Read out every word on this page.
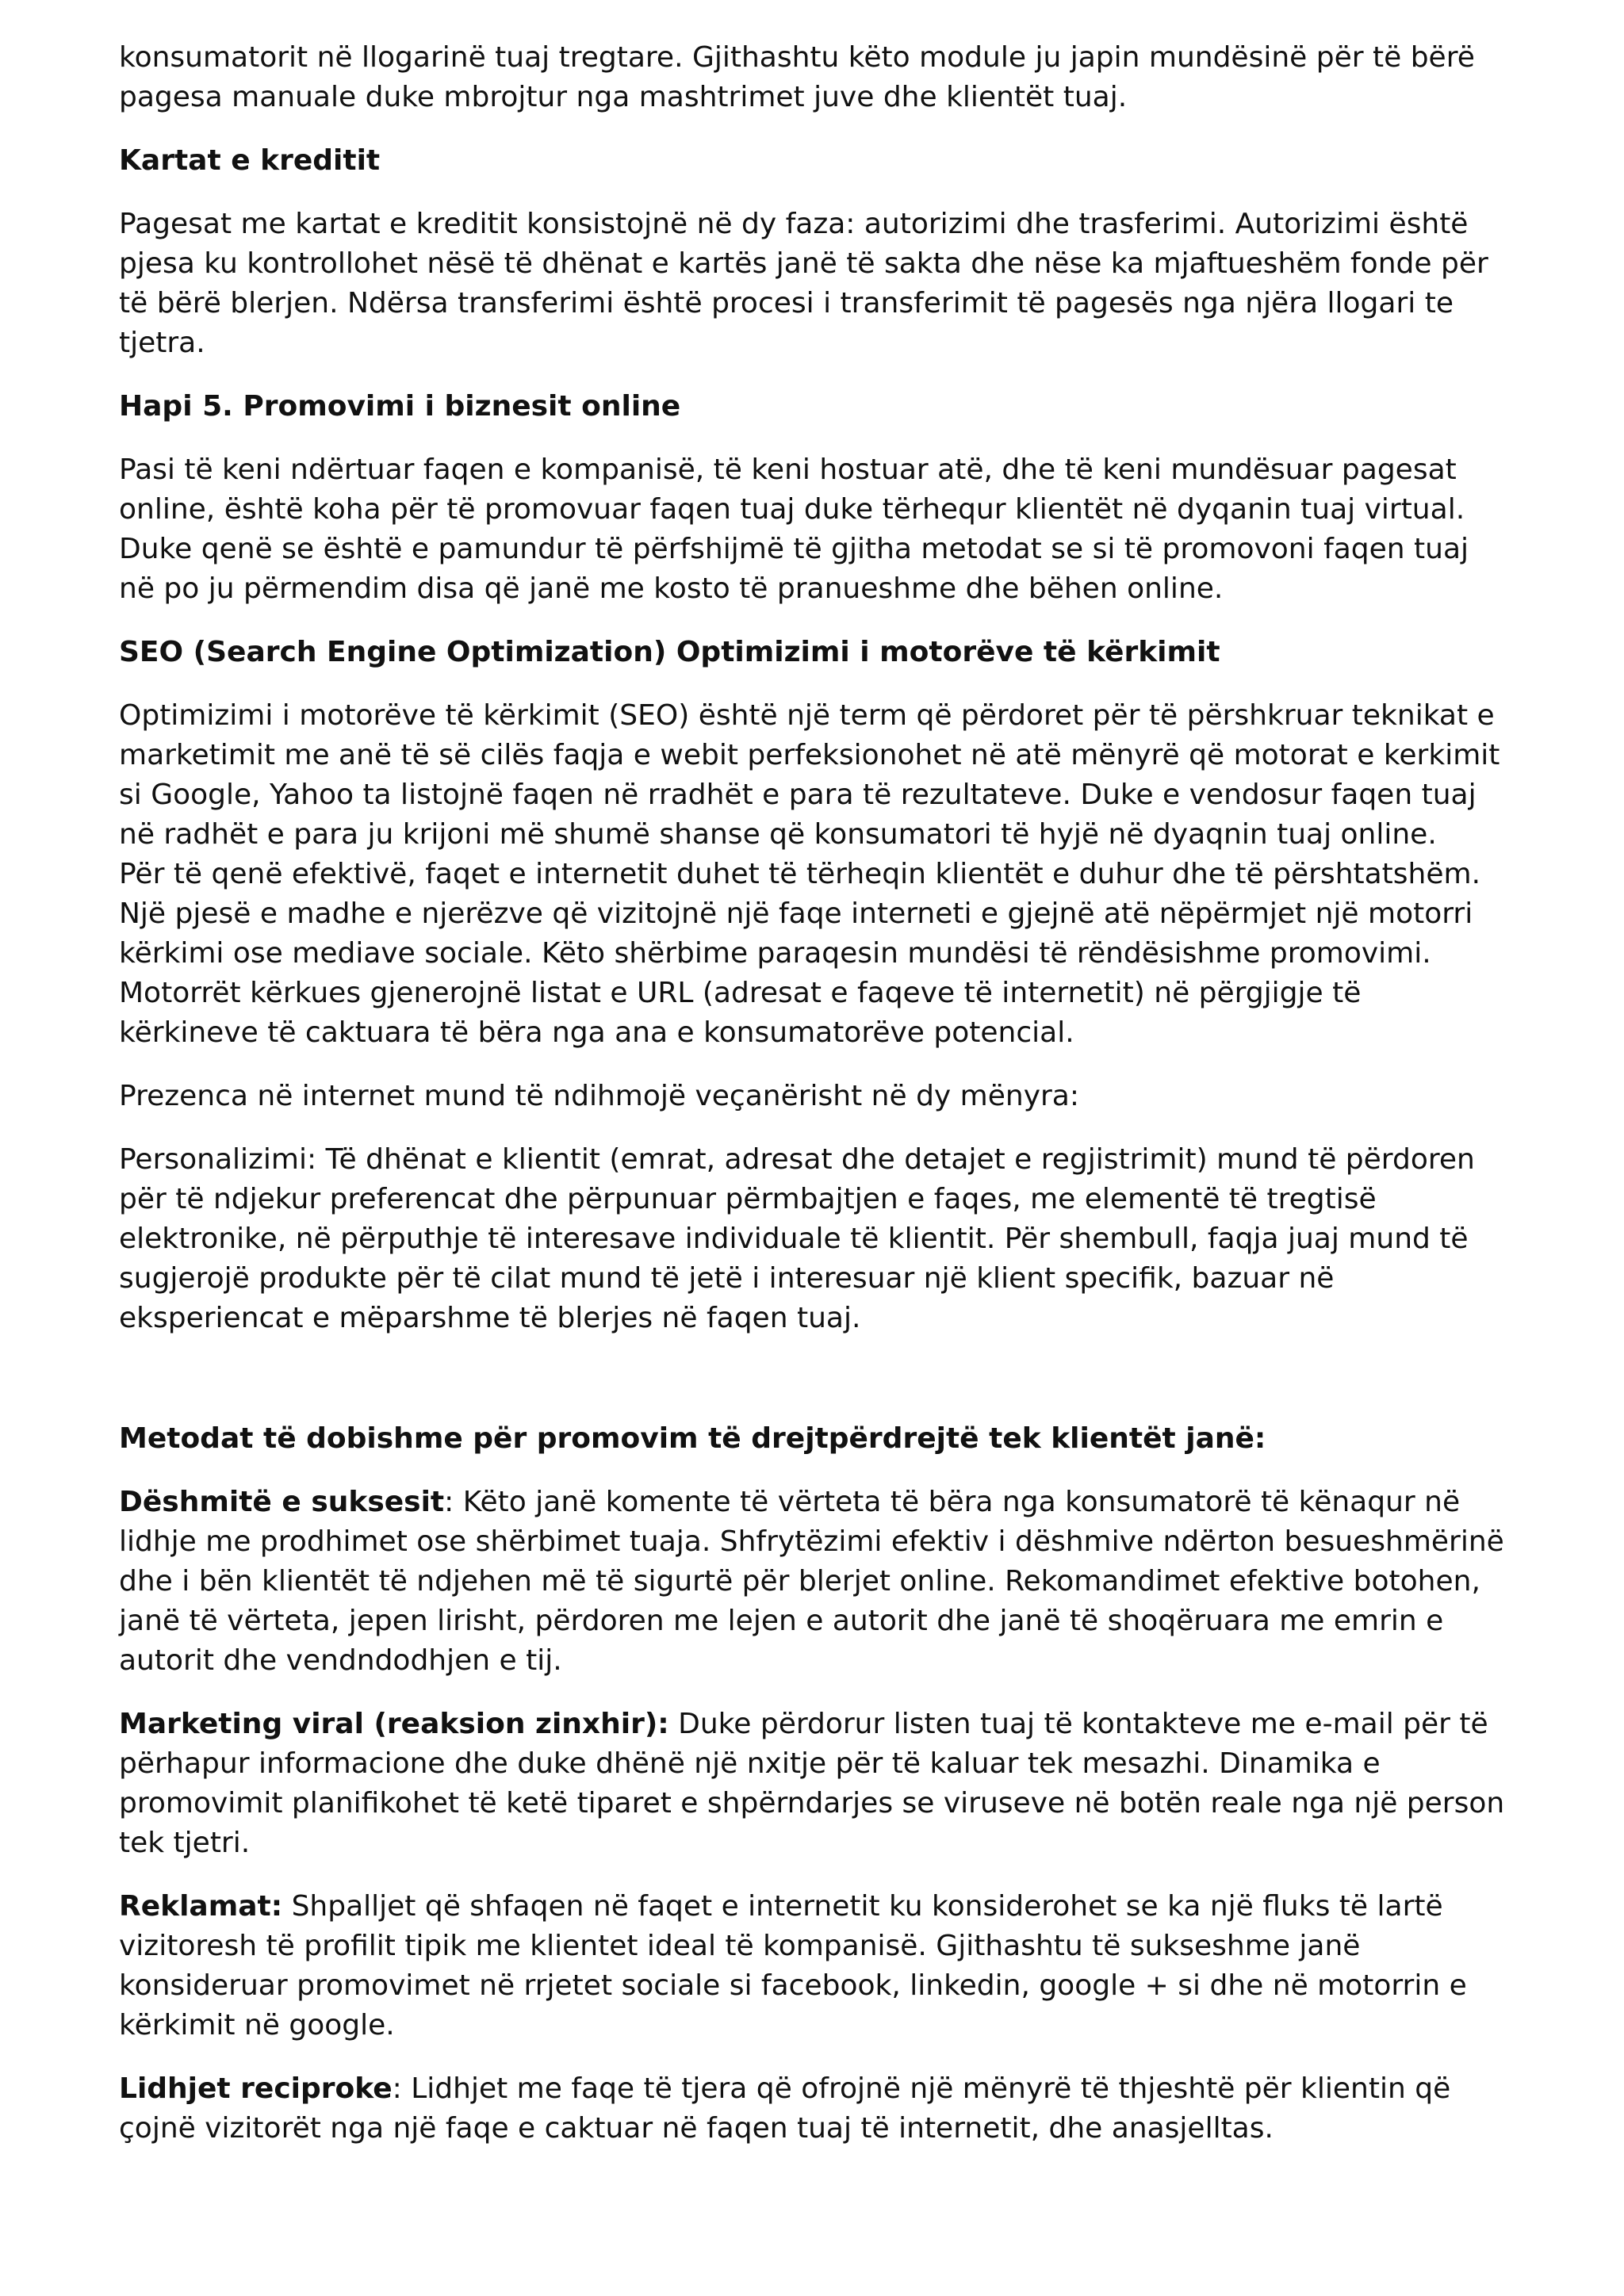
konsumatorit në llogarinë tuaj tregtare. Gjithashtu këto module ju japin mundësinë për të bërë pagesa manuale duke mbrojtur nga mashtrimet juve dhe klientët tuaj.

Kartat e kreditit

Pagesat me kartat e kreditit konsistojnë në dy faza: autorizimi dhe trasferimi. Autorizimi është pjesa ku kontrollohet nësë të dhënat e kartës janë të sakta dhe nëse ka mjaftueshëm fonde për të bërë blerjen. Ndërsa transferimi është procesi i transferimit të pagesës nga njëra llogari te tjetra.

Hapi 5. Promovimi i biznesit online

Pasi të keni ndërtuar faqen e kompanisë, të keni hostuar atë, dhe të keni mundësuar pagesat online, është koha për të promovuar faqen tuaj duke tërhequr klientët në dyqanin tuaj virtual.

Duke qenë se është e pamundur të përfshijmë të gjitha metodat se si të promovoni faqen tuaj në po ju përmendim disa që janë me kosto të pranueshme dhe bëhen online.

SEO (Search Engine Optimization) Optimizimi i motorëve të kërkimit

Optimizimi i motorëve të kërkimit (SEO) është një term që përdoret për të përshkruar teknikat e marketimit me anë të së cilës faqja e webit perfeksionohet në atë mënyrë që motorat e kerkimit si Google, Yahoo ta listojnë faqen në rradhët e para të rezultateve. Duke e vendosur faqen tuaj në radhët e para ju krijoni më shumë shanse që konsumatori të hyjë në dyaqnin tuaj online.

Për të qenë efektivë, faqet e internetit duhet të tërheqin klientët e duhur dhe të përshtatshëm. Një pjesë e madhe e njerëzve që vizitojnë një faqe interneti e gjejnë atë nëpërmjet një motorri kërkimi ose mediave sociale. Këto shërbime paraqesin mundësi të rëndësishme promovimi. Motorrët kërkues gjenerojnë listat e URL (adresat e faqeve të internetit) në përgjigje të kërkineve të caktuara të bëra nga ana e konsumatorëve potencial.

Prezenca në internet mund të ndihmojë veçanërisht në dy mënyra:

Personalizimi: Të dhënat e klientit (emrat, adresat dhe detajet e regjistrimit) mund të përdoren për të ndjekur preferencat dhe përpunuar përmbajtjen e faqes, me elementë të tregtisë elektronike, në përputhje të interesave individuale të klientit. Për shembull, faqja juaj mund të sugjerojë produkte për të cilat mund të jetë i interesuar një klient specifik, bazuar në eksperiencat e mëparshme të blerjes në faqen tuaj.

Metodat të dobishme për promovim të drejtpërdrejtë tek klientët janë:

Dëshmitë e suksesit: Këto janë komente të vërteta të bëra nga konsumatorë të kënaqur në lidhje me prodhimet ose shërbimet tuaja. Shfrytëzimi efektiv i dëshmive ndërton besueshmërinë dhe i bën klientët të ndjehen më të sigurtë për blerjet online. Rekomandimet efektive botohen, janë të vërteta, jepen lirisht, përdoren me lejen e autorit dhe janë të shoqëruara me emrin e autorit dhe vendndodhjen e tij.

Marketing viral (reaksion zinxhir): Duke përdorur listen tuaj të kontakteve me e-mail për të përhapur informacione dhe duke dhënë një nxitje për të kaluar tek mesazhi. Dinamika e promovimit planifikohet të ketë tiparet e shpërndarjes se viruseve në botën reale nga një person tek tjetri.

Reklamat: Shpalljet që shfaqen në faqet e internetit ku konsiderohet se ka një fluks të lartë vizitoresh të profilit tipik me klientet ideal të kompanisë. Gjithashtu të sukseshme janë konsideruar promovimet në rrjetet sociale si facebook, linkedin, google + si dhe në motorrin e kërkimit në google.

Lidhjet reciproke: Lidhjet me faqe të tjera që ofrojnë një mënyrë të thjeshtë për klientin që çojnë vizitorët nga një faqe e caktuar në faqen tuaj të internetit, dhe anasjelltas.
